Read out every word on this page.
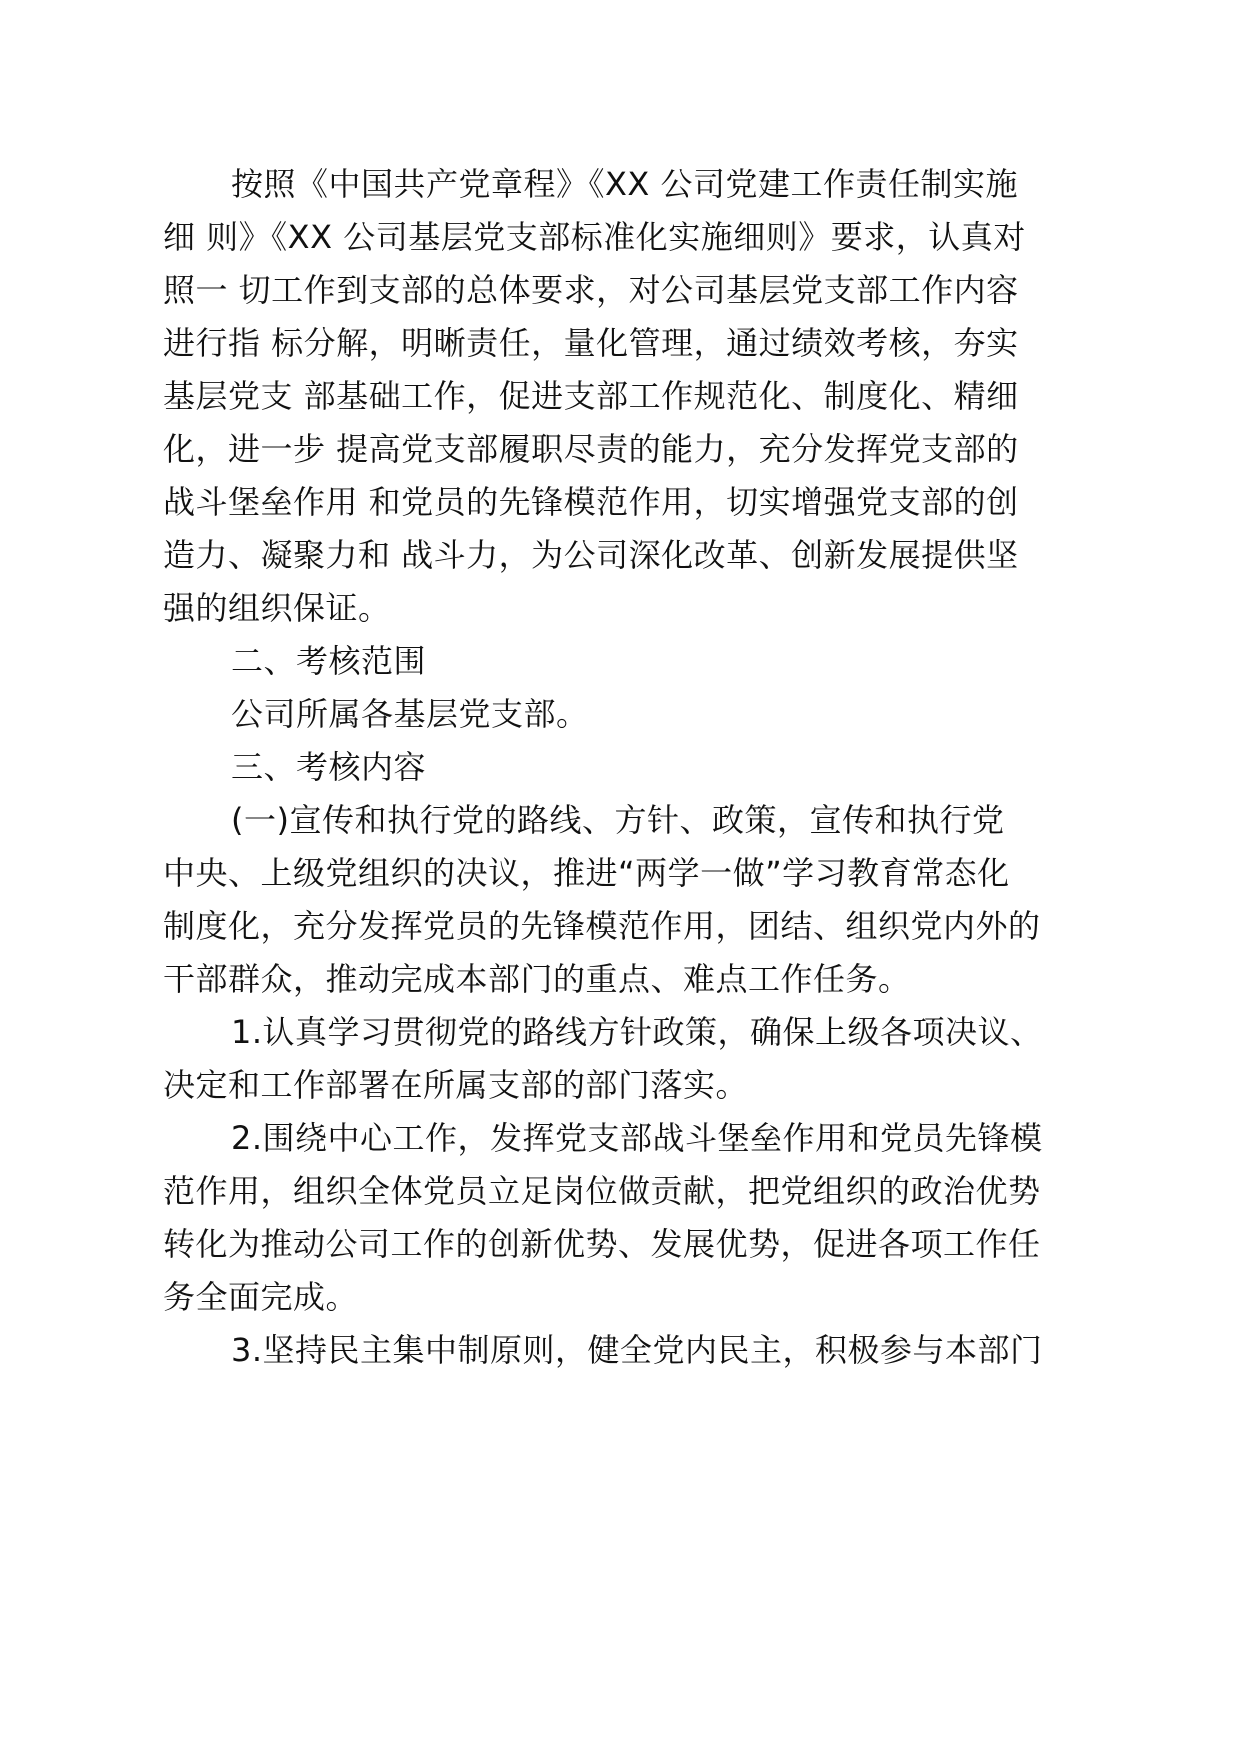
按照《中国共产党章程》《XX 公司党建工作责任制实施
细 则》《XX 公司基层党支部标准化实施细则》要求，认真对
照一 切工作到支部的总体要求，对公司基层党支部工作内容
进行指 标分解，明晰责任，量化管理，通过绩效考核，夯实
基层党支 部基础工作，促进支部工作规范化、制度化、精细
化，进一步 提高党支部履职尽责的能力，充分发挥党支部的
战斗堡垒作用 和党员的先锋模范作用，切实增强党支部的创
造力、凝聚力和 战斗力，为公司深化改革、创新发展提供坚
强的组织保证。
二、考核范围
公司所属各基层党支部。
三、考核内容
(一)宣传和执行党的路线、方针、政策，宣传和执行党
中央、上级党组织的决议，推进“两学一做”学习教育常态化
制度化，充分发挥党员的先锋模范作用，团结、组织党内外的
干部群众，推动完成本部门的重点、难点工作任务。
1.认真学习贯彻党的路线方针政策，确保上级各项决议、
决定和工作部署在所属支部的部门落实。
2.围绕中心工作，发挥党支部战斗堡垒作用和党员先锋模
范作用，组织全体党员立足岗位做贡献，把党组织的政治优势
转化为推动公司工作的创新优势、发展优势，促进各项工作任
务全面完成。
3.坚持民主集中制原则，健全党内民主，积极参与本部门
